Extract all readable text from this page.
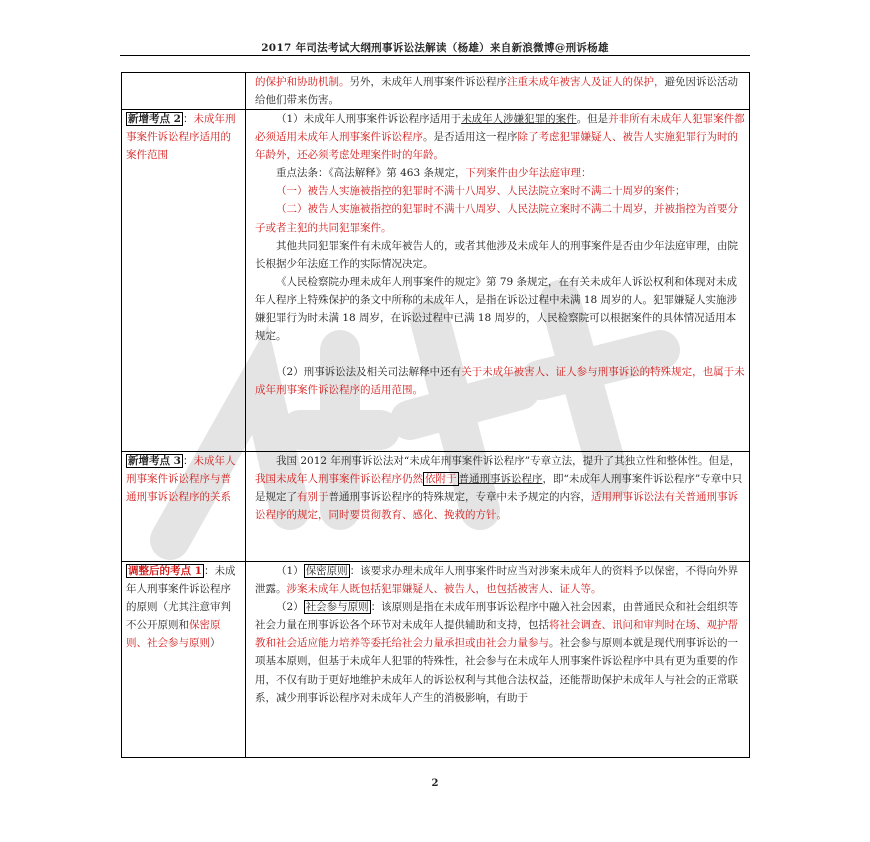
2017 年司法考试大纲刑事诉讼法解读（杨雄）来自新浪微博@刑诉杨雄

的保护和协助机制。另外，未成年人刑事案件诉讼程序注重未成年被害人及证人的保护，避免因诉讼活动给他们带来伤害。

新增考点 2 ：未成年刑事案件诉讼程序适用的案件范围

（1）未成年人刑事案件诉讼程序适用于未成年人涉嫌犯罪的案件。但是并非所有未成年人犯罪案件都必须适用未成年人刑事案件诉讼程序。是否适用这一程序除了考虑犯罪嫌疑人、被告人实施犯罪行为时的年龄外，还必须考虑处理案件时的年龄。

重点法条：《高法解释》第 463 条规定，下列案件由少年法庭审理：

（一）被告人实施被指控的犯罪时不满十八周岁、人民法院立案时不满二十周岁的案件；

（二）被告人实施被指控的犯罪时不满十八周岁、人民法院立案时不满二十周岁，并被指控为首要分子或者主犯的共同犯罪案件。

其他共同犯罪案件有未成年被告人的，或者其他涉及未成年人的刑事案件是否由少年法庭审理，由院长根据少年法庭工作的实际情况决定。

《人民检察院办理未成年人刑事案件的规定》第 79 条规定，在有关未成年人诉讼权利和体现对未成年人程序上特殊保护的条文中所称的未成年人，是指在诉讼过程中未满 18 周岁的人。犯罪嫌疑人实施涉嫌犯罪行为时未满 18 周岁，在诉讼过程中已满 18 周岁的，人民检察院可以根据案件的具体情况适用本规定。

（2）刑事诉讼法及相关司法解释中还有关于未成年被害人、证人参与刑事诉讼的特殊规定，也属于未成年刑事案件诉讼程序的适用范围。

新增考点 3 ：未成年人刑事案件诉讼程序与普通刑事诉讼程序的关系

我国 2012 年刑事诉讼法对“未成年刑事案件诉讼程序”专章立法，提升了其独立性和整体性。但是，我国未成年人刑事案件诉讼程序仍然 依附于 普通刑事诉讼程序，即“未成年人刑事案件诉讼程序”专章中只是规定了有别于普通刑事诉讼程序的特殊规定，专章中未予规定的内容，适用刑事诉讼法有关普通刑事诉讼程序的规定，同时要贯彻教育、感化、挽救的方针。

调整后的考点 1 ：未成年人刑事案件诉讼程序的原则（尤其注意审判不公开原则和保密原则、社会参与原则）

（1） 保密原则 ：该要求办理未成年人刑事案件时应当对涉案未成年人的资料予以保密，不得向外界泄露。涉案未成年人既包括犯罪嫌疑人、被告人，也包括被害人、证人等。

（2） 社会参与原则 ：该原则是指在未成年刑事诉讼程序中融入社会因素，由普通民众和社会组织等社会力量在刑事诉讼各个环节对未成年人提供辅助和支持，包括将社会调查、讯问和审判时在场、观护帮教和社会适应能力培养等委托给社会力量承担或由社会力量参与。社会参与原则本就是现代刑事诉讼的一项基本原则，但基于未成年人犯罪的特殊性，社会参与在未成年人刑事案件诉讼程序中具有更为重要的作用，不仅有助于更好地维护未成年人的诉讼权利与其他合法权益，还能帮助保护未成年人与社会的正常联系，减少刑事诉讼程序对未成年人产生的消极影响，有助于

2
